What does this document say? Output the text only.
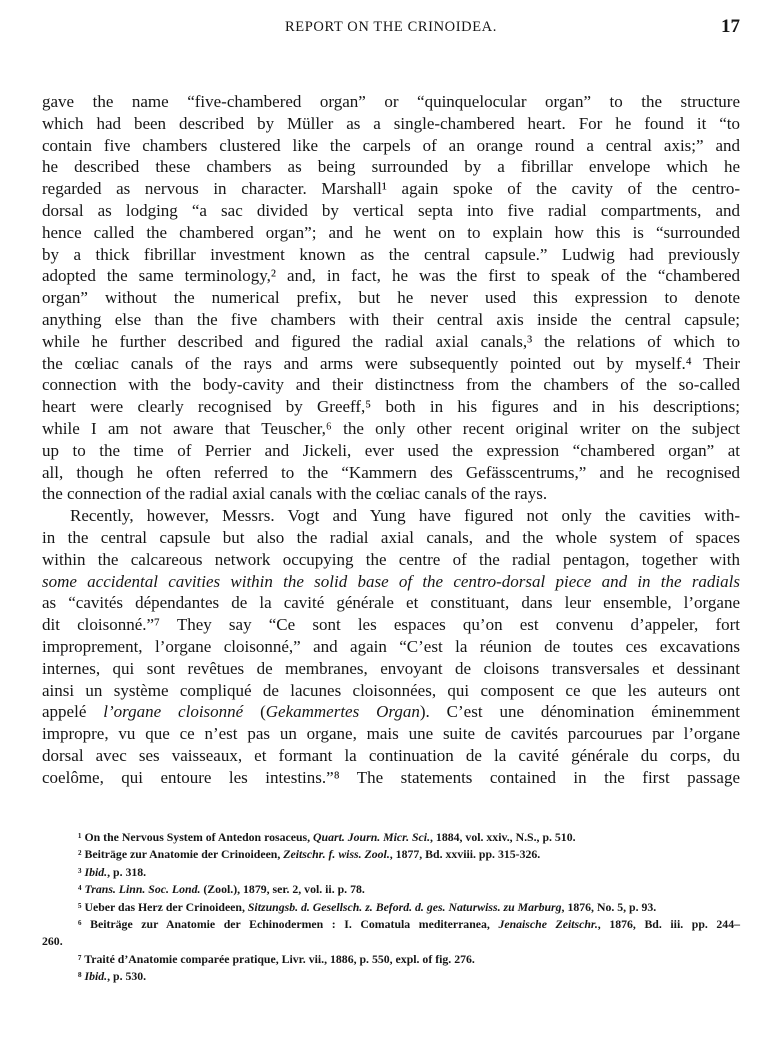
REPORT ON THE CRINOIDEA.	17
gave the name “five-chambered organ” or “quinquelocular organ” to the structure
which had been described by Müller as a single-chambered heart. For he found it “to
contain five chambers clustered like the carpels of an orange round a central axis;” and
he described these chambers as being surrounded by a fibrillar envelope which he
regarded as nervous in character. Marshall¹ again spoke of the cavity of the centro-
dorsal as lodging “a sac divided by vertical septa into five radial compartments, and
hence called the chambered organ”; and he went on to explain how this is “surrounded
by a thick fibrillar investment known as the central capsule.” Ludwig had previously
adopted the same terminology,² and, in fact, he was the first to speak of the “chambered
organ” without the numerical prefix, but he never used this expression to denote
anything else than the five chambers with their central axis inside the central capsule;
while he further described and figured the radial axial canals,³ the relations of which to
the cœliac canals of the rays and arms were subsequently pointed out by myself.⁴ Their
connection with the body-cavity and their distinctness from the chambers of the so-called
heart were clearly recognised by Greeff,⁵ both in his figures and in his descriptions;
while I am not aware that Teuscher,⁶ the only other recent original writer on the subject
up to the time of Perrier and Jickeli, ever used the expression “chambered organ” at
all, though he often referred to the “Kammern des Gefässcentrums,” and he recognised
the connection of the radial axial canals with the cœliac canals of the rays.
Recently, however, Messrs. Vogt and Yung have figured not only the cavities with-
in the central capsule but also the radial axial canals, and the whole system of spaces
within the calcareous network occupying the centre of the radial pentagon, together with
some accidental cavities within the solid base of the centro-dorsal piece and in the radials
as “cavités dépendantes de la cavité générale et constituant, dans leur ensemble, l’organe
dit cloisonné.”⁷ They say “Ce sont les espaces qu’on est convenu d’appeler, fort
improprement, l’organe cloisonné,” and again “C’est la réunion de toutes ces excavations
internes, qui sont revêtues de membranes, envoyant de cloisons transversales et dessinant
ainsi un système compliqué de lacunes cloisonnées, qui composent ce que les auteurs ont
appelé l’organe cloisonné (Gekammertes Organ). C’est une dénomination éminemment
impropre, vu que ce n’est pas un organe, mais une suite de cavités parcourues par l’organe
dorsal avec ses vaisseaux, et formant la continuation de la cavité générale du corps, du
coelôme, qui entoure les intestins.”⁸ The statements contained in the first passage
¹ On the Nervous System of Antedon rosaceus, Quart. Journ. Micr. Sci., 1884, vol. xxiv., N.S., p. 510.
² Beiträge zur Anatomie der Crinoideen, Zeitschr. f. wiss. Zool., 1877, Bd. xxviii. pp. 315-326.
³ Ibid., p. 318.
⁴ Trans. Linn. Soc. Lond. (Zool.), 1879, ser. 2, vol. ii. p. 78.
⁵ Ueber das Herz der Crinoideen, Sitzungsb. d. Gesellsch. z. Beford. d. ges. Naturwiss. zu Marburg, 1876, No. 5, p. 93.
⁶ Beiträge zur Anatomie der Echinodermen : I. Comatula mediterranea, Jenaische Zeitschr., 1876, Bd. iii. pp. 244–
260.
⁷ Traité d’Anatomie comparée pratique, Livr. vii., 1886, p. 550, expl. of fig. 276.
⁸ Ibid., p. 530.
